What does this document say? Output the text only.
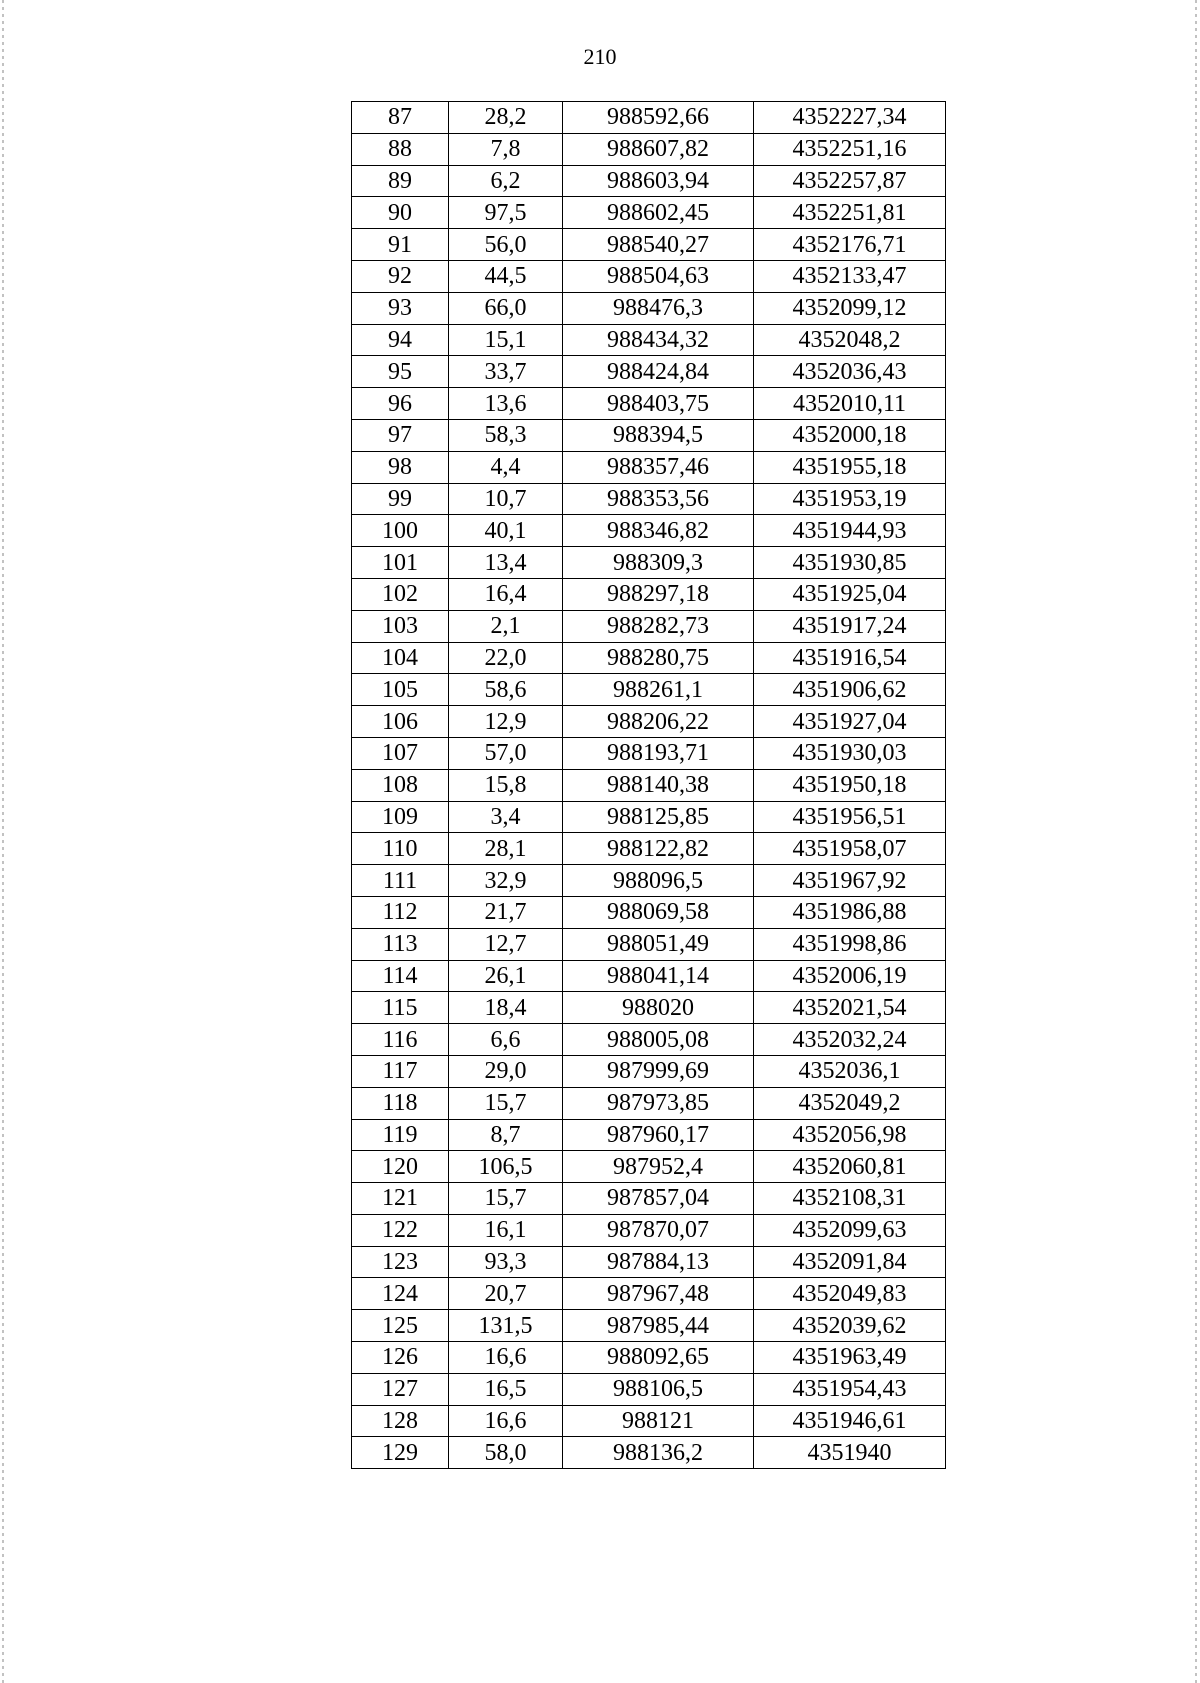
210
87	28,2	988592,66	4352227,34
88	7,8	988607,82	4352251,16
89	6,2	988603,94	4352257,87
90	97,5	988602,45	4352251,81
91	56,0	988540,27	4352176,71
92	44,5	988504,63	4352133,47
93	66,0	988476,3	4352099,12
94	15,1	988434,32	4352048,2
95	33,7	988424,84	4352036,43
96	13,6	988403,75	4352010,11
97	58,3	988394,5	4352000,18
98	4,4	988357,46	4351955,18
99	10,7	988353,56	4351953,19
100	40,1	988346,82	4351944,93
101	13,4	988309,3	4351930,85
102	16,4	988297,18	4351925,04
103	2,1	988282,73	4351917,24
104	22,0	988280,75	4351916,54
105	58,6	988261,1	4351906,62
106	12,9	988206,22	4351927,04
107	57,0	988193,71	4351930,03
108	15,8	988140,38	4351950,18
109	3,4	988125,85	4351956,51
110	28,1	988122,82	4351958,07
111	32,9	988096,5	4351967,92
112	21,7	988069,58	4351986,88
113	12,7	988051,49	4351998,86
114	26,1	988041,14	4352006,19
115	18,4	988020	4352021,54
116	6,6	988005,08	4352032,24
117	29,0	987999,69	4352036,1
118	15,7	987973,85	4352049,2
119	8,7	987960,17	4352056,98
120	106,5	987952,4	4352060,81
121	15,7	987857,04	4352108,31
122	16,1	987870,07	4352099,63
123	93,3	987884,13	4352091,84
124	20,7	987967,48	4352049,83
125	131,5	987985,44	4352039,62
126	16,6	988092,65	4351963,49
127	16,5	988106,5	4351954,43
128	16,6	988121	4351946,61
129	58,0	988136,2	4351940
